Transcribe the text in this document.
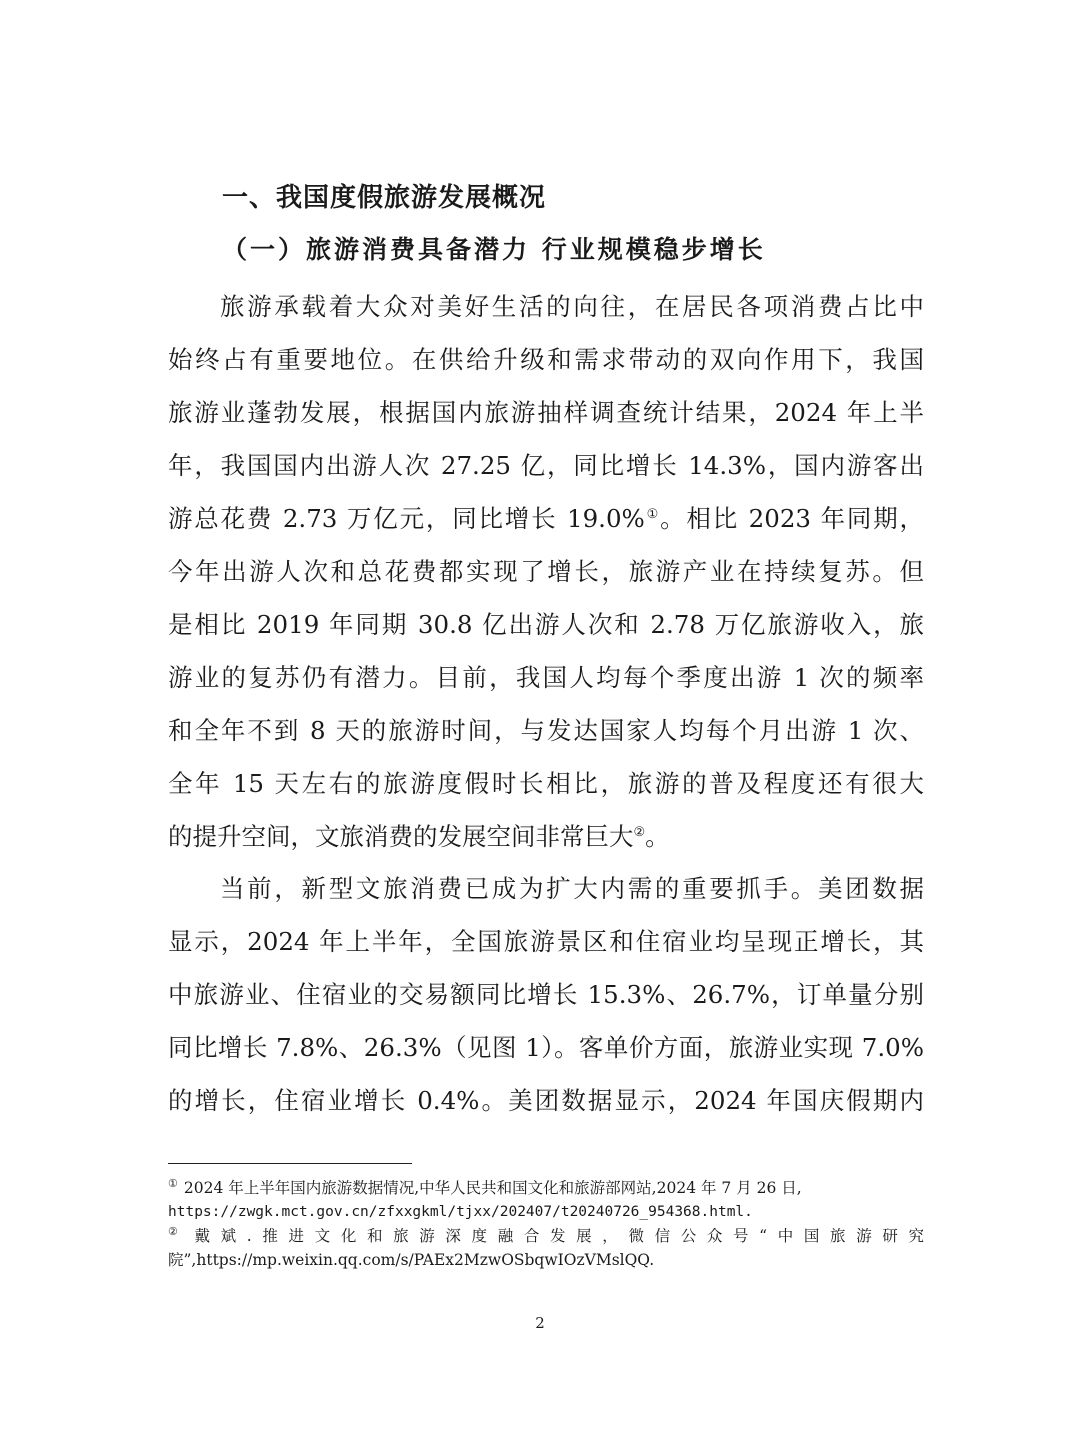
一、我国度假旅游发展概况
（一）旅游消费具备潜力 行业规模稳步增长
旅游承载着大众对美好生活的向往，在居民各项消费占比中
始终占有重要地位。在供给升级和需求带动的双向作用下，我国
旅游业蓬勃发展，根据国内旅游抽样调查统计结果，2024 年上半
年，我国国内出游人次 27.25 亿，同比增长 14.3%，国内游客出
游总花费 2.73 万亿元，同比增长 19.0%①。相比 2023 年同期，
今年出游人次和总花费都实现了增长，旅游产业在持续复苏。但
是相比 2019 年同期 30.8 亿出游人次和 2.78 万亿旅游收入，旅
游业的复苏仍有潜力。目前，我国人均每个季度出游 1 次的频率
和全年不到 8 天的旅游时间，与发达国家人均每个月出游 1 次、
全年 15 天左右的旅游度假时长相比，旅游的普及程度还有很大
的提升空间，文旅消费的发展空间非常巨大②。
当前，新型文旅消费已成为扩大内需的重要抓手。美团数据
显示，2024 年上半年，全国旅游景区和住宿业均呈现正增长，其
中旅游业、住宿业的交易额同比增长 15.3%、26.7%，订单量分别
同比增长 7.8%、26.3%（见图 1）。客单价方面，旅游业实现 7.0%
的增长，住宿业增长 0.4%。美团数据显示，2024 年国庆假期内
① 2024 年上半年国内旅游数据情况,中华人民共和国文化和旅游部网站,2024 年 7 月 26 日,
https://zwgk.mct.gov.cn/zfxxgkml/tjxx/202407/t20240726_954368.html.
② 戴斌.推进文化和旅游深度融合发展，微信公众号“中国旅游研究
院”,https://mp.weixin.qq.com/s/PAEx2MzwOSbqwIOzVMslQQ.
2
